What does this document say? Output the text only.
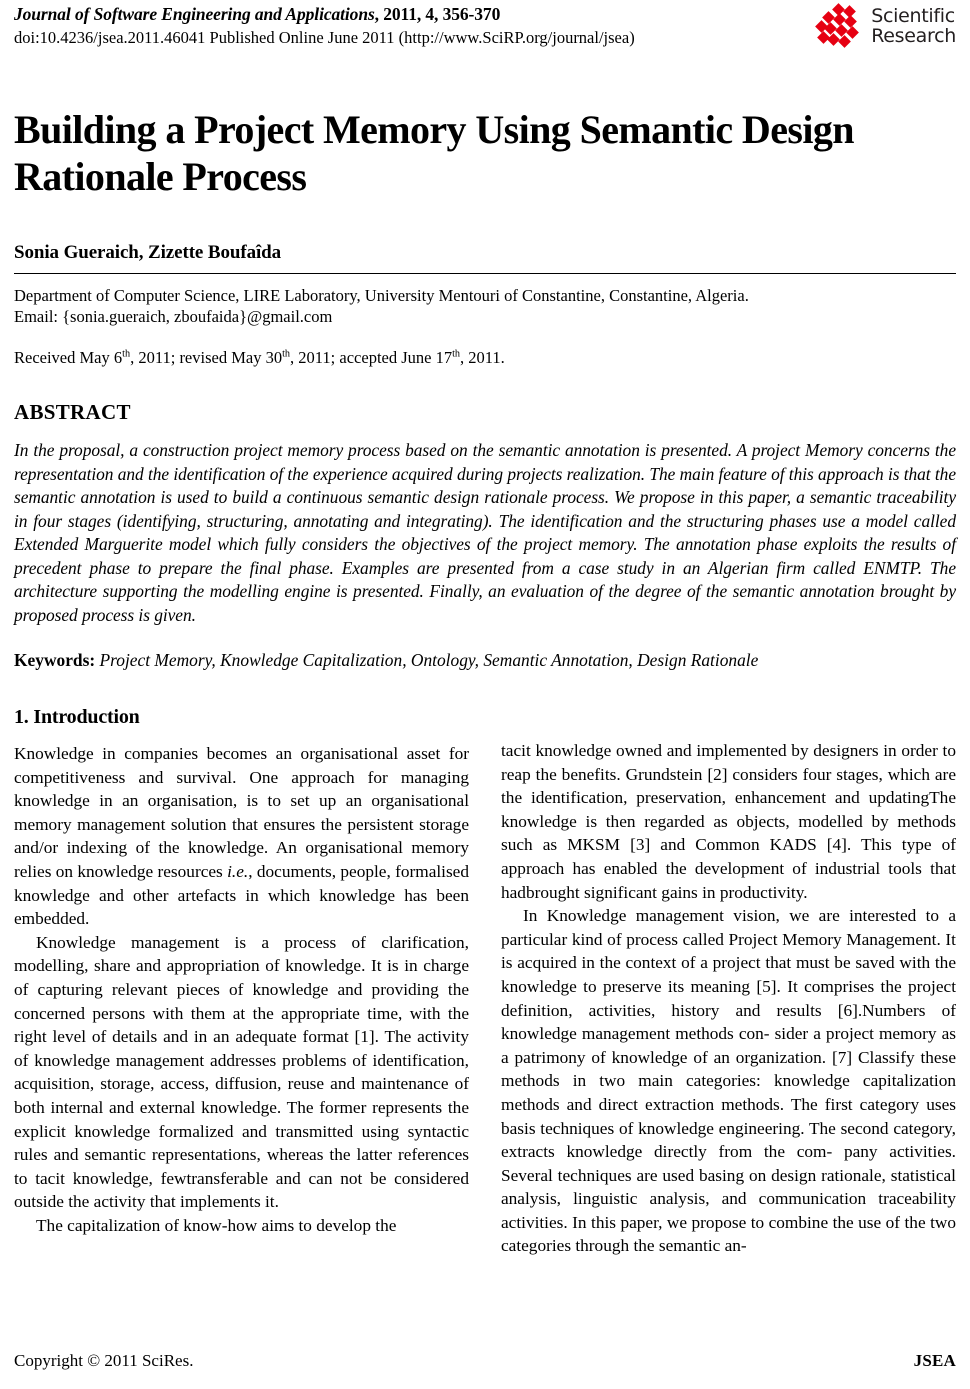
Journal of Software Engineering and Applications, 2011, 4, 356-370
doi:10.4236/jsea.2011.46041 Published Online June 2011 (http://www.SciRP.org/journal/jsea)
Scientific
Research
Building a Project Memory Using Semantic Design Rationale Process
Sonia Gueraich, Zizette Boufaîda
Department of Computer Science, LIRE Laboratory, University Mentouri of Constantine, Constantine, Algeria.
Email: {sonia.gueraich, zboufaida}@gmail.com
Received May 6th, 2011; revised May 30th, 2011; accepted June 17th, 2011.
ABSTRACT
In the proposal, a construction project memory process based on the semantic annotation is presented. A project Memory concerns the representation and the identification of the experience acquired during projects realization. The main feature of this approach is that the semantic annotation is used to build a continuous semantic design rationale process. We propose in this paper, a semantic traceability in four stages (identifying, structuring, annotating and integrating). The identification and the structuring phases use a model called Extended Marguerite model which fully considers the objectives of the project memory. The annotation phase exploits the results of precedent phase to prepare the final phase. Examples are presented from a case study in an Algerian firm called ENMTP. The architecture supporting the modelling engine is presented. Finally, an evaluation of the degree of the semantic annotation brought by proposed process is given.
Keywords: Project Memory, Knowledge Capitalization, Ontology, Semantic Annotation, Design Rationale
1. Introduction

Knowledge in companies becomes an organisational asset for competitiveness and survival. One approach for managing knowledge in an organisation, is to set up an organisational memory management solution that ensures the persistent storage and/or indexing of the knowledge. An organisational memory relies on knowledge resources i.e., documents, people, formalised knowledge and other artefacts in which knowledge has been embedded.

Knowledge management is a process of clarification, modelling, share and appropriation of knowledge. It is in charge of capturing relevant pieces of knowledge and providing the concerned persons with them at the appropriate time, with the right level of details and in an adequate format [1]. The activity of knowledge management addresses problems of identification, acquisition, storage, access, diffusion, reuse and maintenance of both internal and external knowledge. The former represents the explicit knowledge formalized and transmitted using syntactic rules and semantic representations, whereas the latter references to tacit knowledge, fewtransferable and can not be considered outside the activity that implements it.

The capitalization of know-how aims to develop the

tacit knowledge owned and implemented by designers in order to reap the benefits. Grundstein [2] considers four stages, which are the identification, preservation, enhancement and updatingThe knowledge is then regarded as objects, modelled by methods such as MKSM [3] and Common KADS [4]. This type of approach has enabled the development of industrial tools that hadbrought significant gains in productivity.

In Knowledge management vision, we are interested to a particular kind of process called Project Memory Management. It is acquired in the context of a project that must be saved with the knowledge to preserve its meaning [5]. It comprises the project definition, activities, history and results [6].Numbers of knowledge management methods con- sider a project memory as a patrimony of knowledge of an organization. [7] Classify these methods in two main categories: knowledge capitalization methods and direct extraction methods. The first category uses basis techniques of knowledge engineering. The second category, extracts knowledge directly from the com- pany activities. Several techniques are used basing on design rationale, statistical analysis, linguistic analysis, and communication traceability activities. In this paper, we propose to combine the use of the two categories through the semantic an-

Copyright © 2011 SciRes.	JSEA
